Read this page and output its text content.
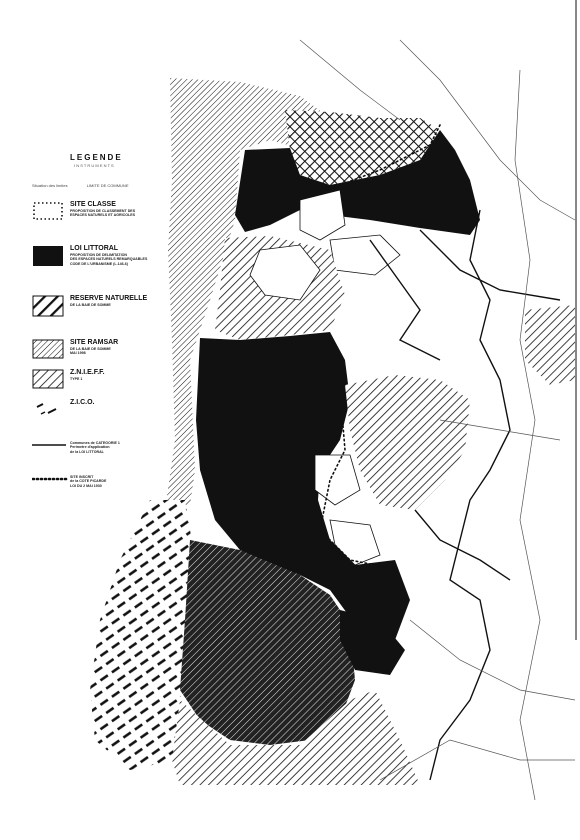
LEGENDE
I N S T R U M E N T S
Situation des limites	LIMITE DE COMMUNE
SITE CLASSE
PROPOSITION DE CLASSEMENT DES
ESPACES NATURELS ET AGRICOLES
LOI LITTORAL
PROPOSITION DE DELIMITATION
DES ESPACES NATURELS REMARQUABLES
CODE DE L'URBANISME (L.146-6)
RESERVE NATURELLE
DE LA BAIE DE SOMME
SITE RAMSAR
DE LA BAIE DE SOMME
MAI 1998
Z.N.I.E.F.F.
TYPE 1
Z.I.C.O.
Communes de CATEGORIE 1
Perimetre d'application
de la LOI LITTORAL
SITE INSCRIT
de la COTE PICARDE
LOI DU 2 MAI 1930
